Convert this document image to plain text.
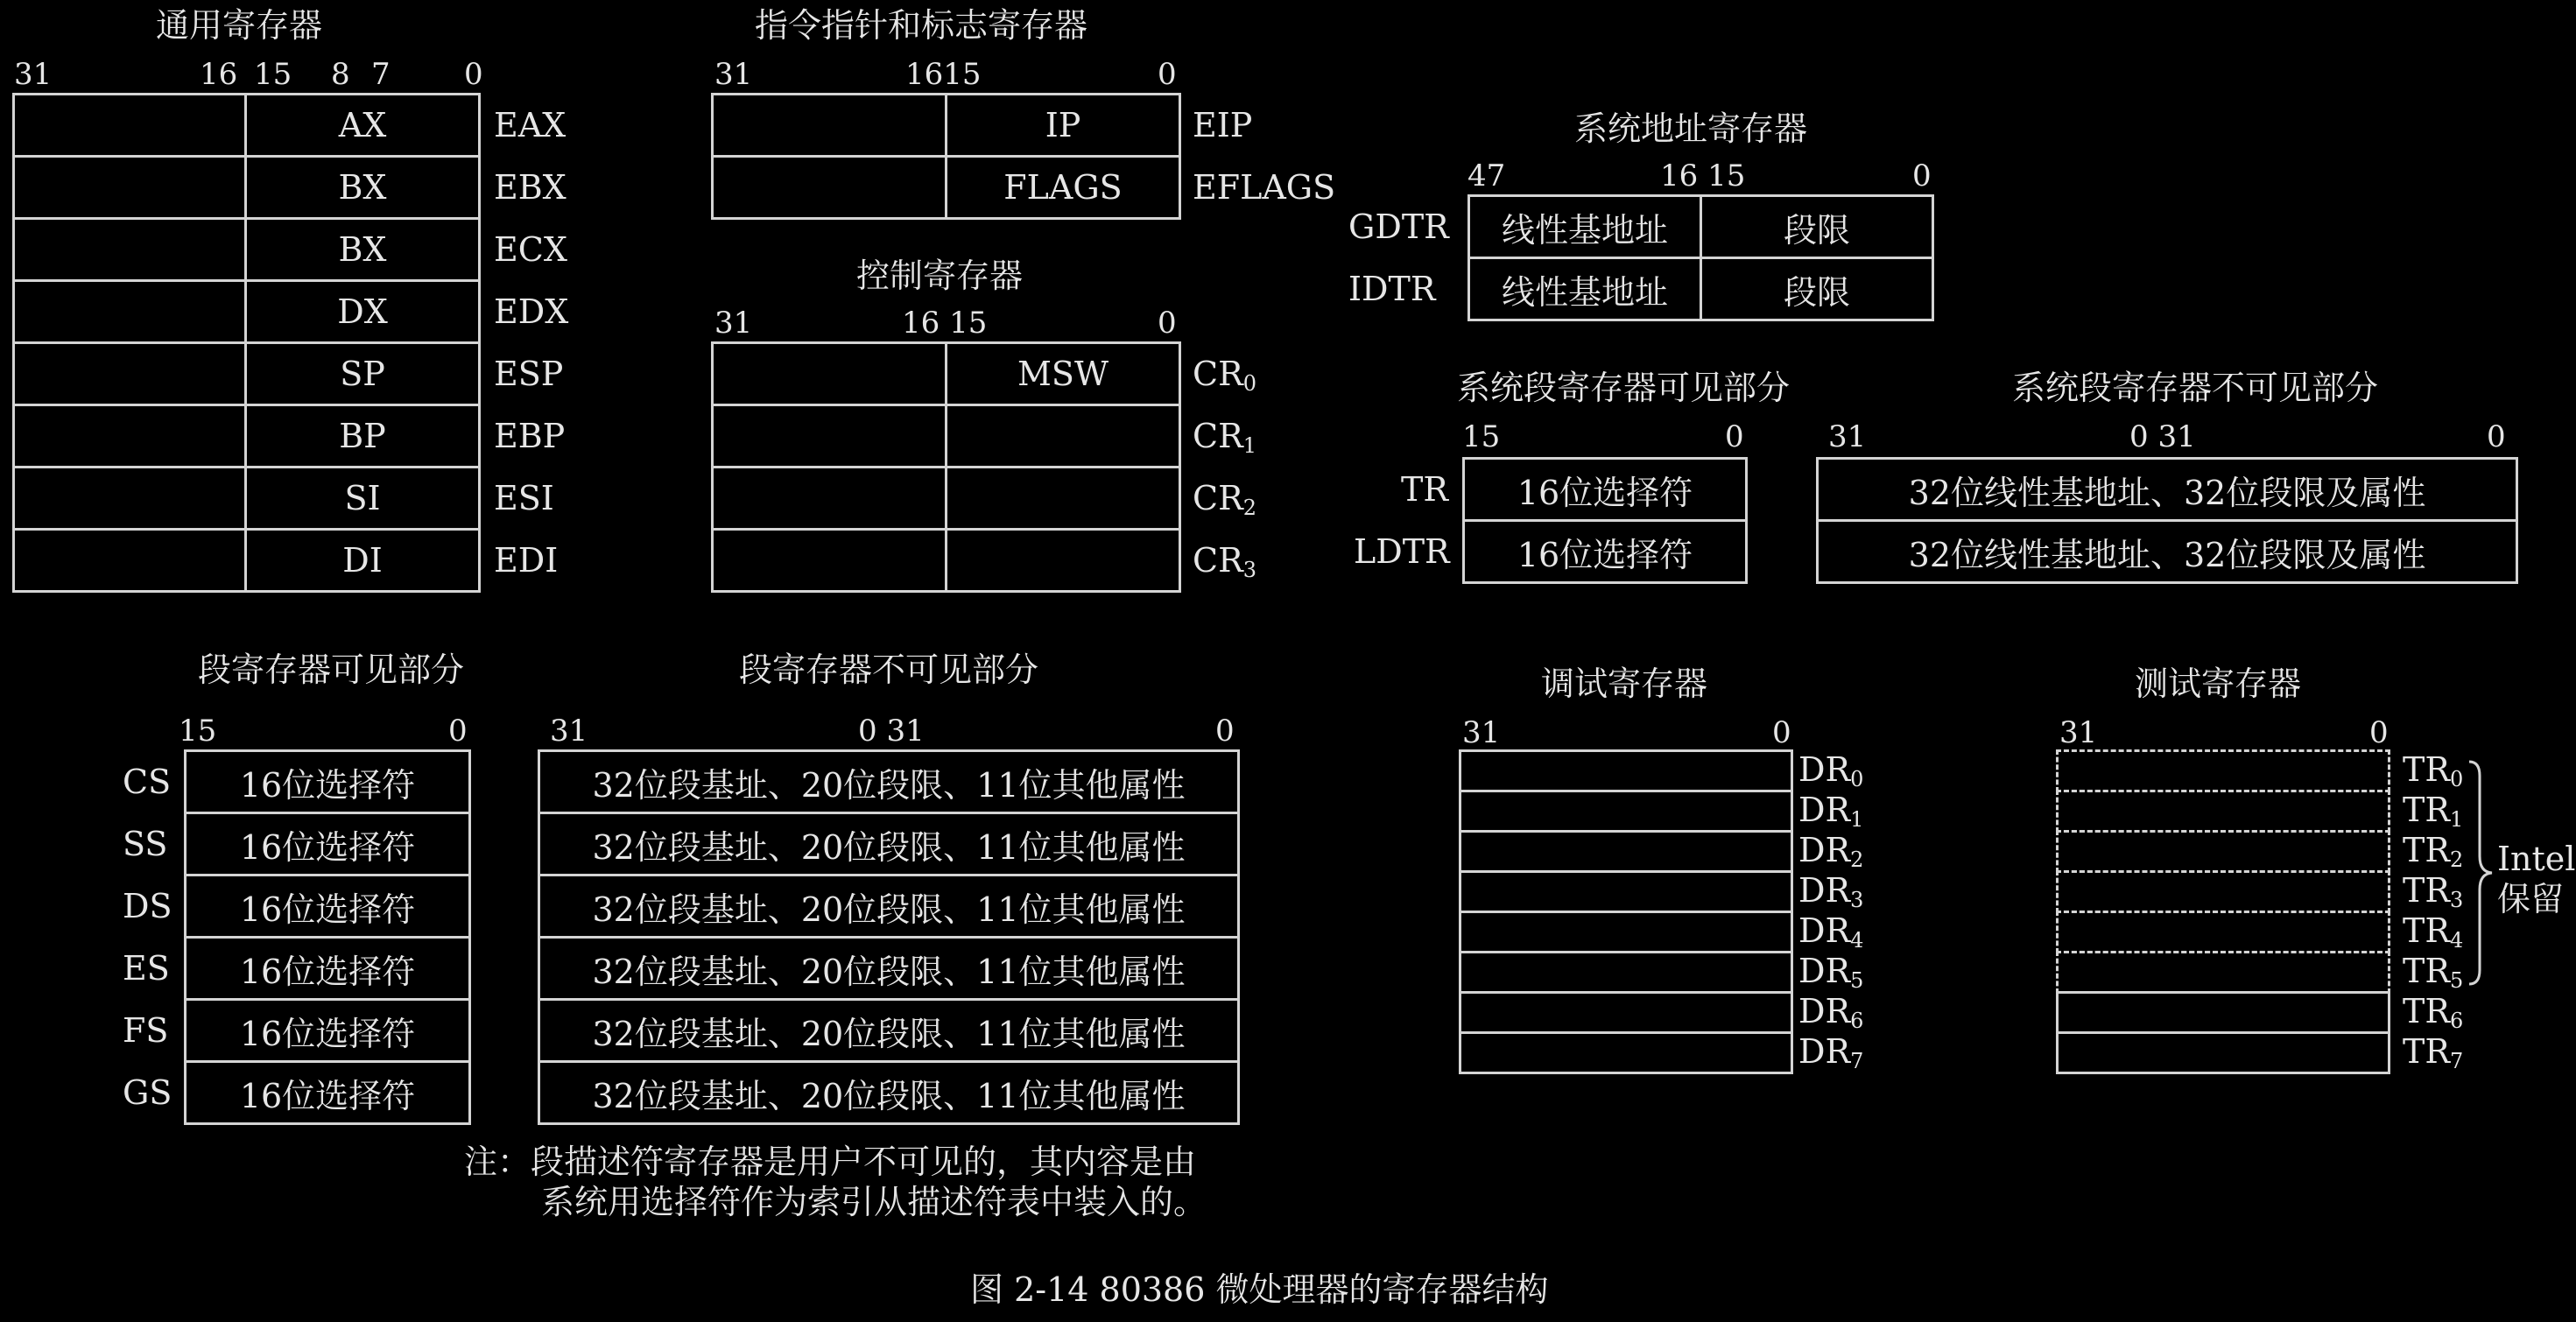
通用寄存器
31	16 15 8 7 0
AX	EAX
BX	EBX
BX	ECX
DX	EDX
SP	ESP
BP	EBP
SI	ESI
DI	EDI
指令指针和标志寄存器
31	1615	0
IP	EIP
FLAGS	EFLAGS
控制寄存器
31	16 15	0
MSW	$CR_0$
$CR_1$
$CR_2$
$CR_3$
系统地址寄存器
47	16 15	0
GDTR	线性基地址	段限
IDTR	线性基地址	段限
系统段寄存器可见部分	系统段寄存器不可见部分
15	0	31	0 31	0
TR	16位选择符	32位线性基地址、32位段限及属性
LDTR	16位选择符	32位线性基地址、32位段限及属性
段寄存器可见部分	段寄存器不可见部分
15	0	31	0 31	0
CS	16位选择符	32位段基址、20位段限、11位其他属性
SS	16位选择符	32位段基址、20位段限、11位其他属性
DS	16位选择符	32位段基址、20位段限、11位其他属性
ES	16位选择符	32位段基址、20位段限、11位其他属性
FS	16位选择符	32位段基址、20位段限、11位其他属性
GS	16位选择符	32位段基址、20位段限、11位其他属性
调试寄存器
31	0
$DR_0$
$DR_1$
$DR_2$
$DR_3$
$DR_4$
$DR_5$
$DR_6$
$DR_7$
测试寄存器
31	0
$TR_0$
$TR_1$
$TR_2$
$TR_3$
$TR_4$
$TR_5$
$TR_6$
$TR_7$
Intel
保留
注：段描述符寄存器是用户不可见的，其内容是由
系统用选择符作为索引从描述符表中装入的。
图 2-14 80386 微处理器的寄存器结构
